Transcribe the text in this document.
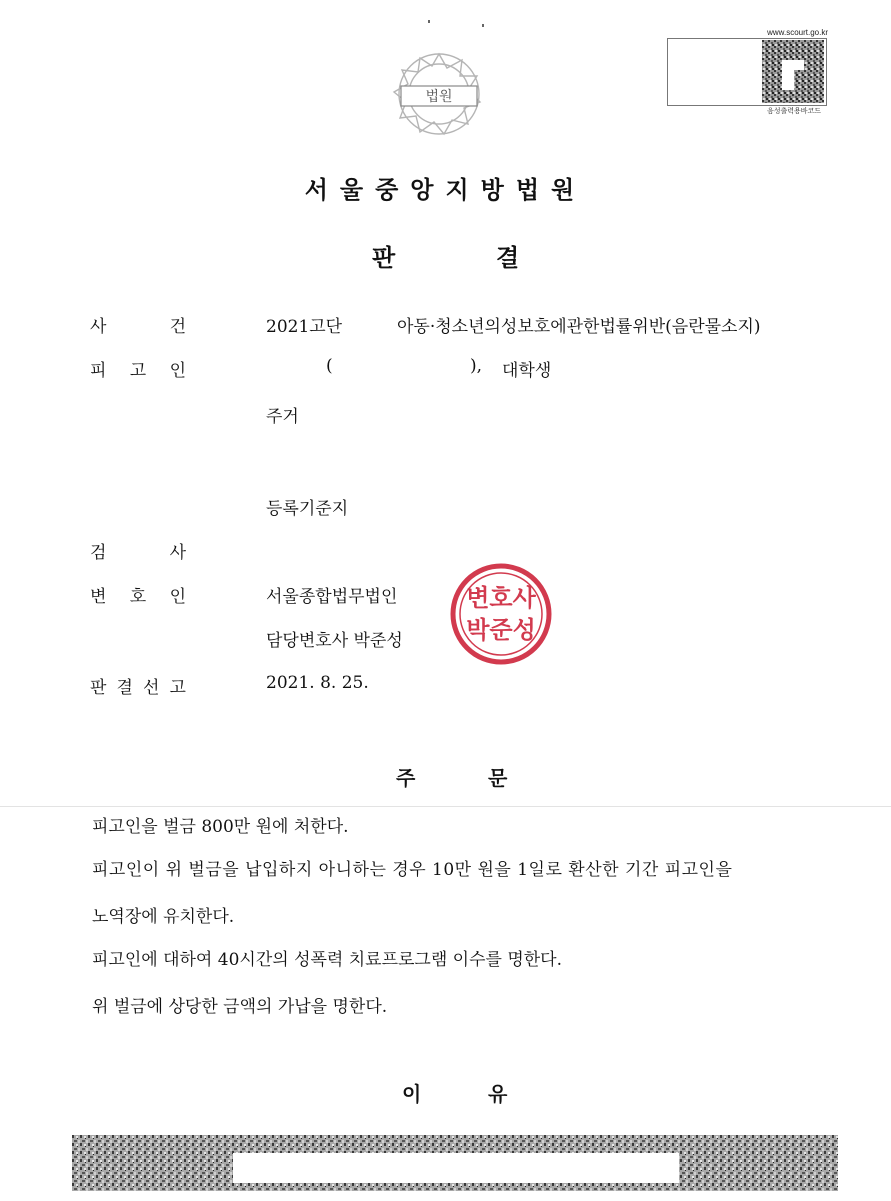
법원
www.scourt.go.kr
음성출력용바코드
서울중앙지방법원
판	결
사	건	2021고단	아동·청소년의성보호에관한법률위반(음란물소지)
피 고 인	(	), 대학생
주거
등록기준지
검	사
변 호 인	서울종합법무법인
담당변호사 박준성
변호사
박준성
판 결 선 고	2021. 8. 25.
주	문
피고인을 벌금 800만 원에 처한다.
피고인이 위 벌금을 납입하지 아니하는 경우 10만 원을 1일로 환산한 기간 피고인을
노역장에 유치한다.
피고인에 대하여 40시간의 성폭력 치료프로그램 이수를 명한다.
위 벌금에 상당한 금액의 가납을 명한다.
이	유
